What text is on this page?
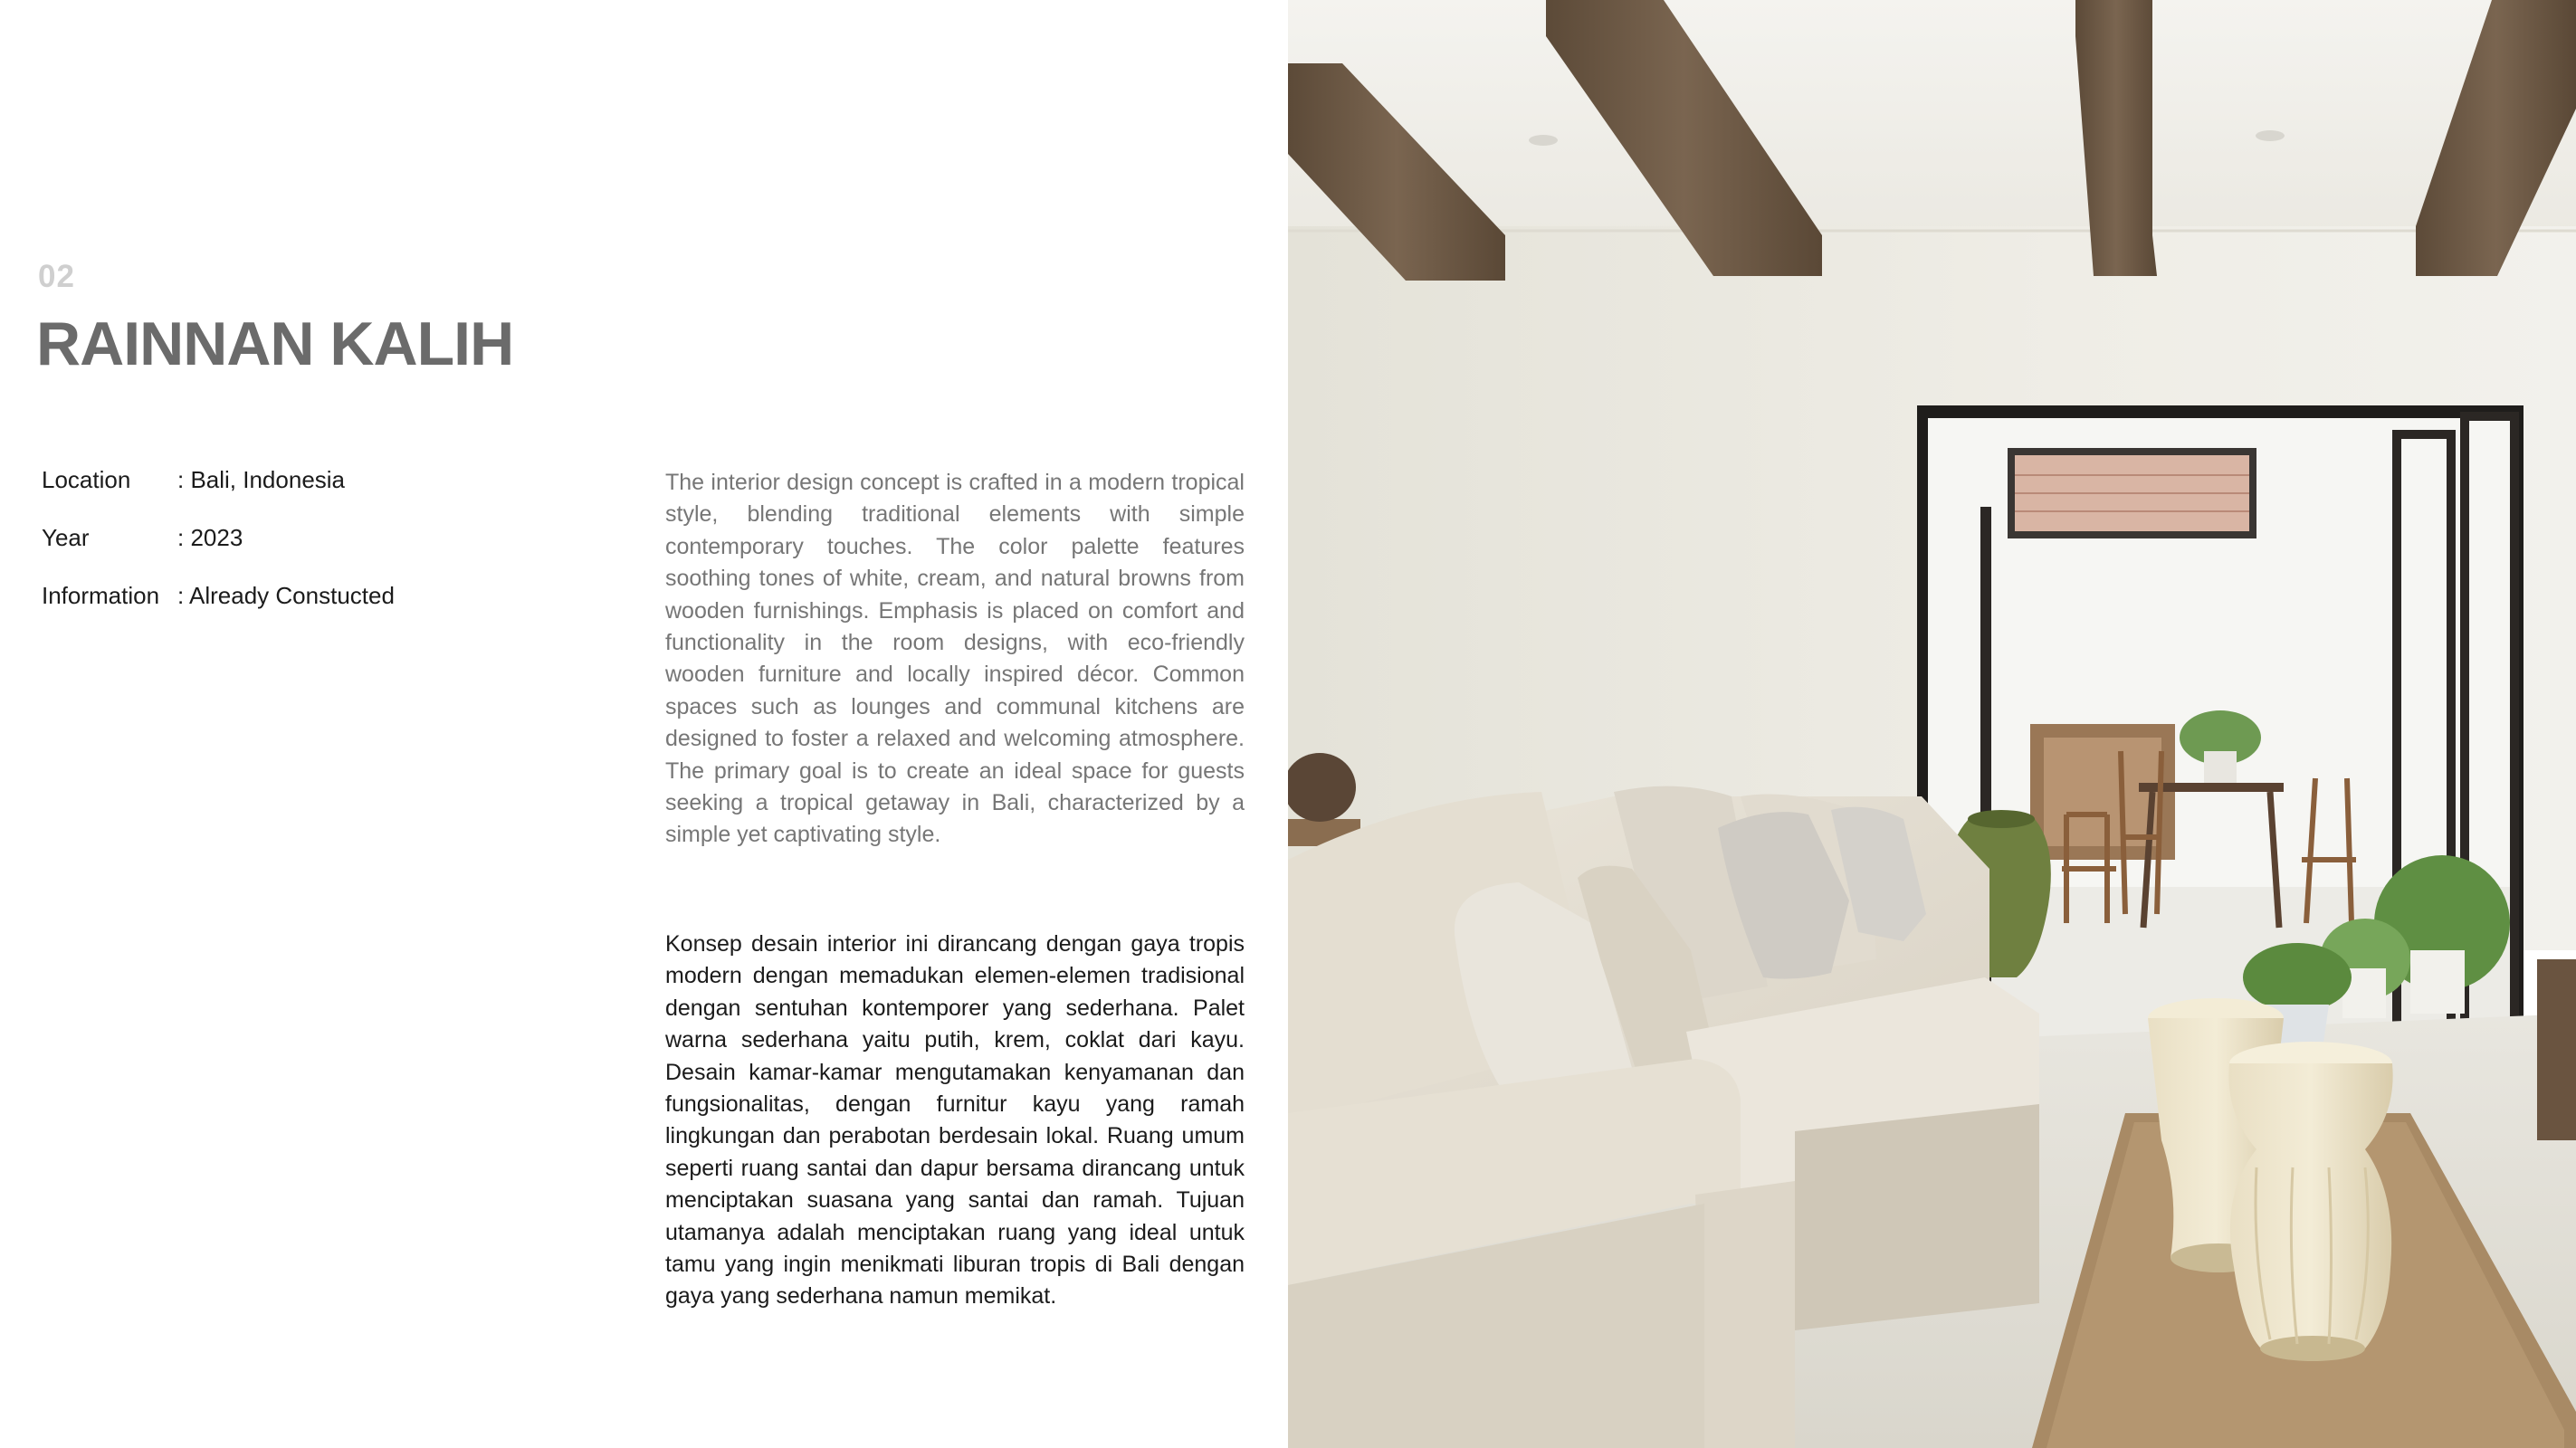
02
RAINNAN KALIH
Location	: Bali, Indonesia
Year	: 2023
Information : Already Constucted

The interior design concept is crafted in a modern tropical style, blending traditional elements with simple contemporary touches. The color palette features soothing tones of white, cream, and natural browns from wooden furnishings. Emphasis is placed on comfort and functionality in the room designs, with eco-friendly wooden furniture and locally inspired décor. Common spaces such as lounges and communal kitchens are designed to foster a relaxed and welcoming atmosphere. The primary goal is to create an ideal space for guests seeking a tropical getaway in Bali, characterized by a simple yet captivating style.

Konsep desain interior ini dirancang dengan gaya tropis modern dengan memadukan elemen-elemen tradisional dengan sentuhan kontemporer yang sederhana. Palet warna sederhana yaitu putih, krem, coklat dari kayu. Desain kamar-kamar mengutamakan kenyamanan dan fungsionalitas, dengan furnitur kayu yang ramah lingkungan dan perabotan berdesain lokal. Ruang umum seperti ruang santai dan dapur bersama dirancang untuk menciptakan suasana yang santai dan ramah. Tujuan utamanya adalah menciptakan ruang yang ideal untuk tamu yang ingin menikmati liburan tropis di Bali dengan gaya yang sederhana namun memikat.
